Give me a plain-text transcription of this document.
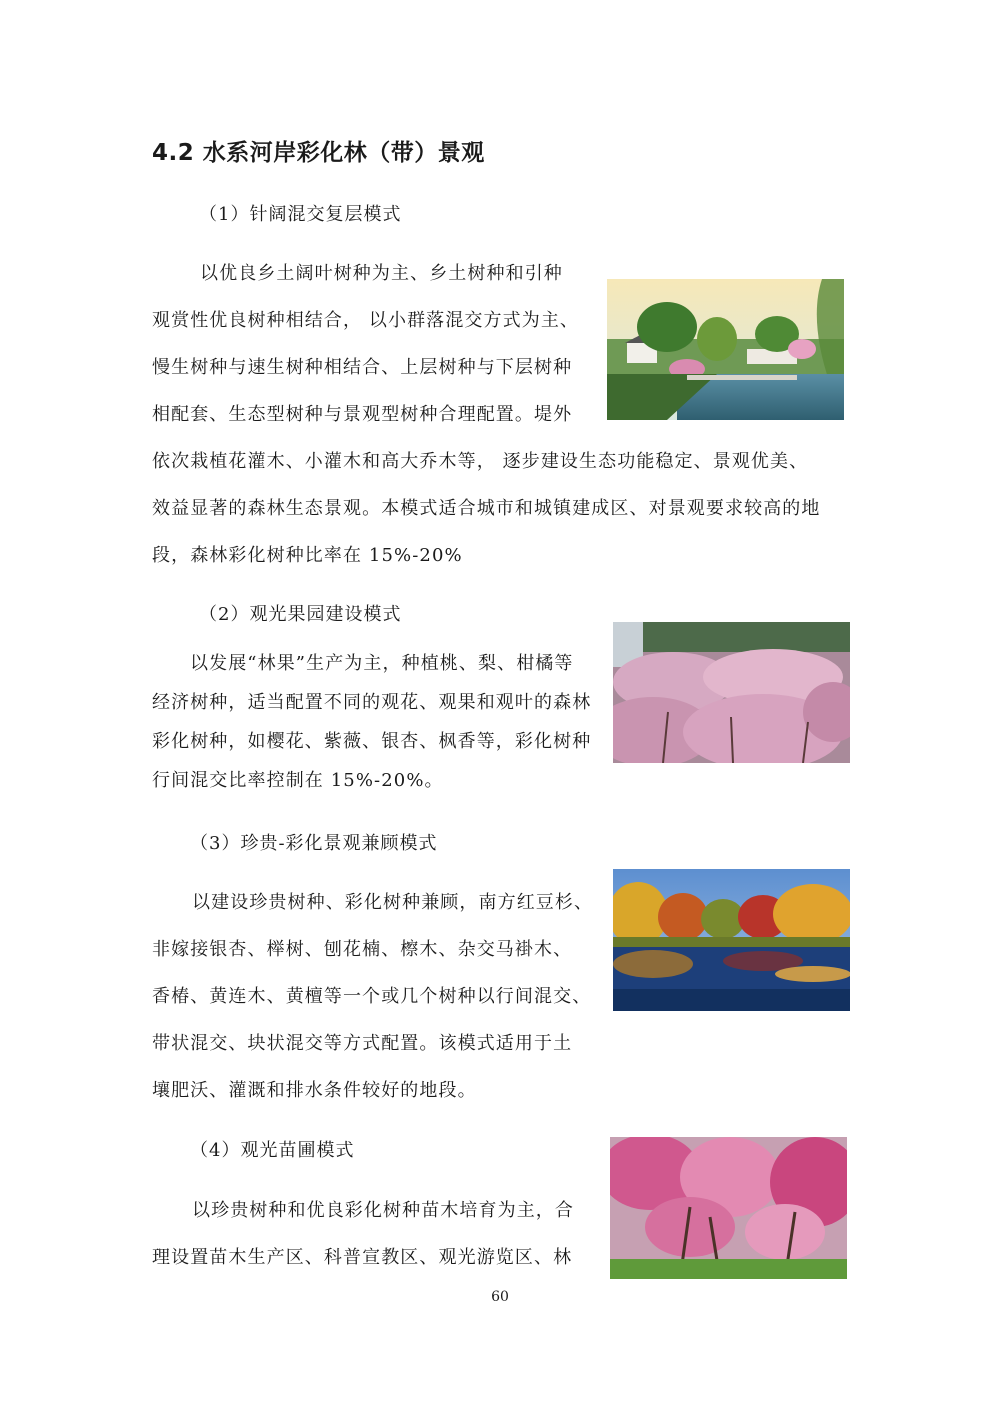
4.2 水系河岸彩化林（带）景观
（1）针阔混交复层模式
以优良乡土阔叶树种为主、乡土树种和引种
观赏性优良树种相结合， 以小群落混交方式为主、
慢生树种与速生树种相结合、上层树种与下层树种
相配套、生态型树种与景观型树种合理配置。堤外
依次栽植花灌木、小灌木和高大乔木等， 逐步建设生态功能稳定、景观优美、
效益显著的森林生态景观。本模式适合城市和城镇建成区、对景观要求较高的地
段，森林彩化树种比率在 15%-20%
（2）观光果园建设模式
以发展“林果”生产为主，种植桃、梨、柑橘等
经济树种，适当配置不同的观花、观果和观叶的森林
彩化树种，如樱花、紫薇、银杏、枫香等，彩化树种
行间混交比率控制在 15%-20%。
（3）珍贵-彩化景观兼顾模式
以建设珍贵树种、彩化树种兼顾，南方红豆杉、
非嫁接银杏、榉树、刨花楠、檫木、杂交马褂木、
香椿、黄连木、黄檀等一个或几个树种以行间混交、
带状混交、块状混交等方式配置。该模式适用于土
壤肥沃、灌溉和排水条件较好的地段。
（4）观光苗圃模式
以珍贵树种和优良彩化树种苗木培育为主，合
理设置苗木生产区、科普宣教区、观光游览区、林
60
